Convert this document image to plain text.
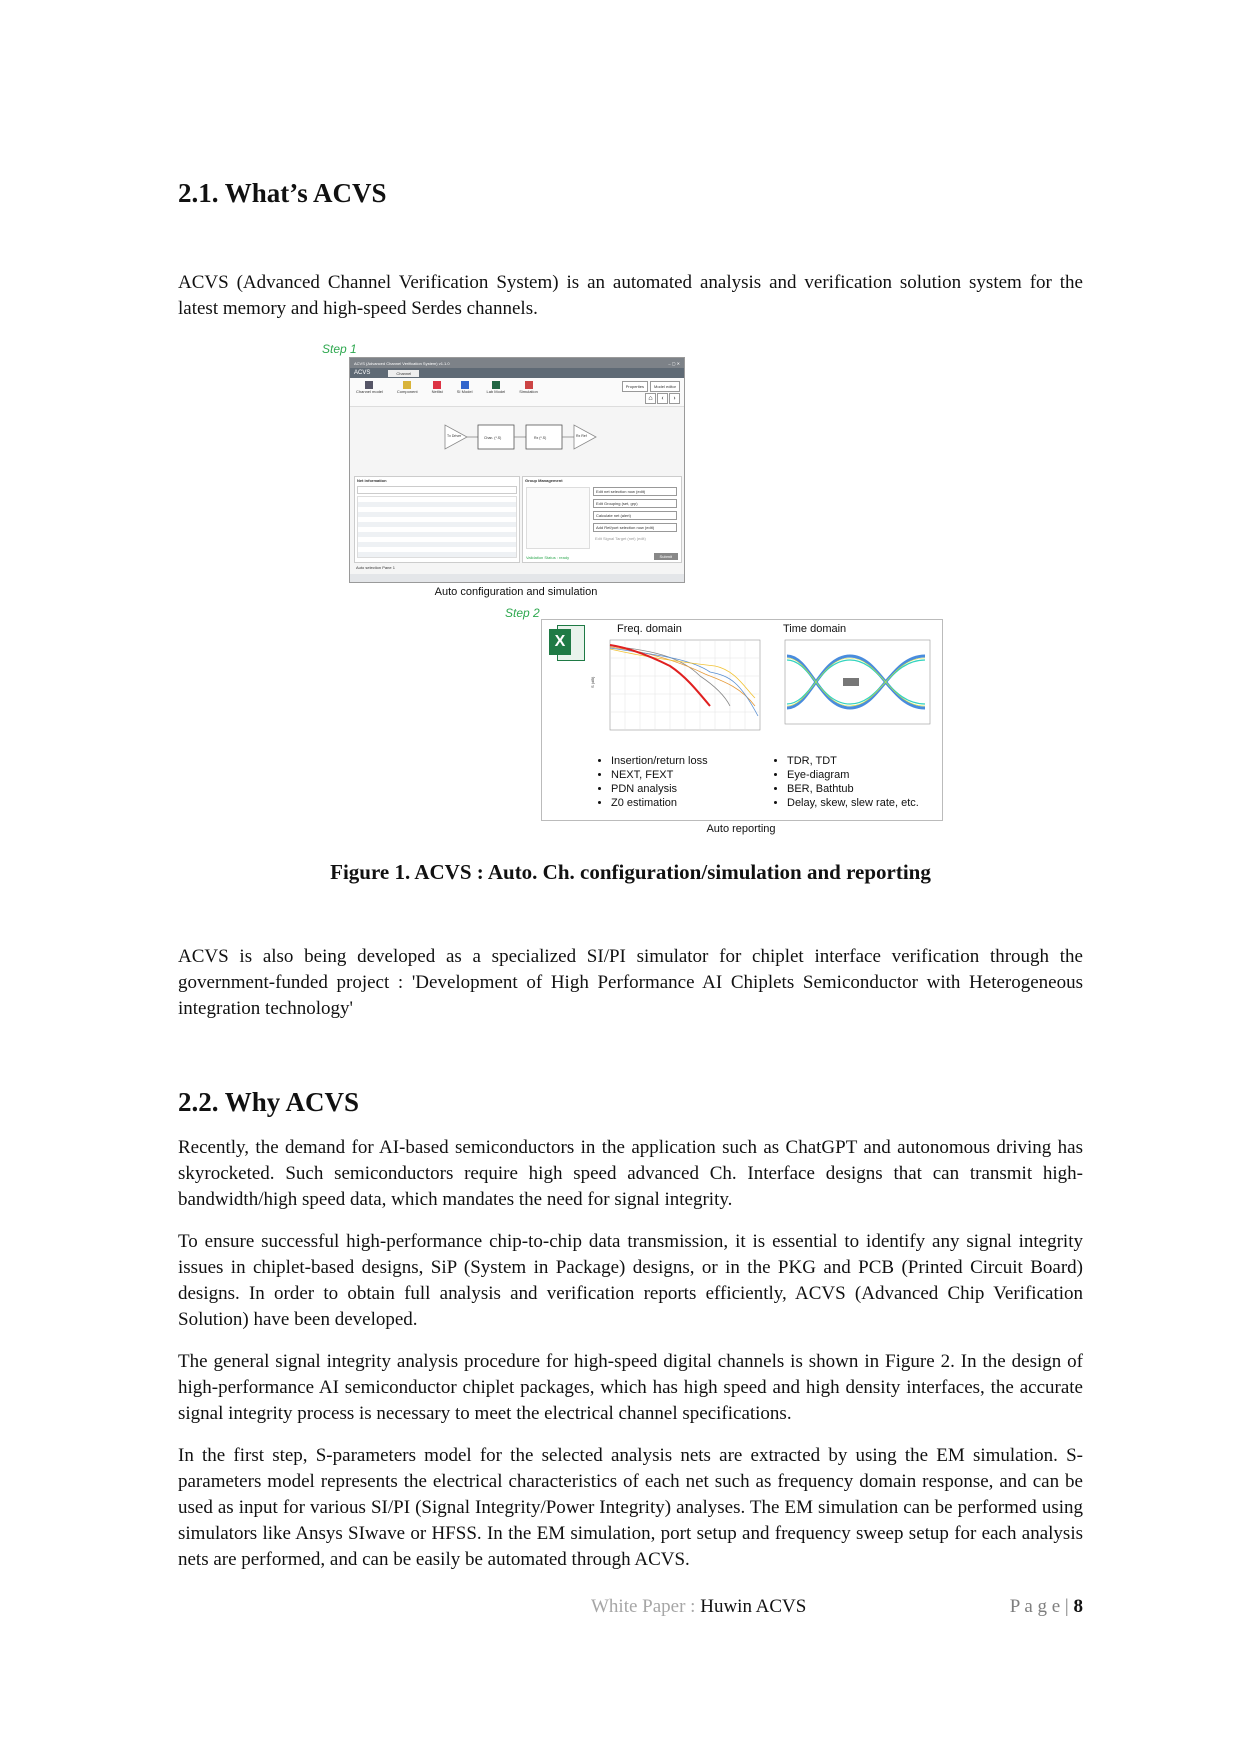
2.1. What’s ACVS

ACVS (Advanced Channel Verification System) is an automated analysis and verification solution system for the latest memory and high-speed Serdes channels.

Step 1
ACVS (Advanced Channel Verification System) v1.1.0	– ▢ ✕
ACVS	Channel
Channel model	Component	Netlist	SI Model	Lab Model	Simulation
Properties	Model editor
⌂	‹	›
Tx Driver	Chan. (*.S)	Rx (*.S)	Rx Ref
Net information	Group Management
Edit net selection now (edit)
Edit Grouping (set, grp)
Calculate net (alert)
Add Ref/port selection now (edit)
Edit Signal Target (net) (edit)
Validation Status : ready	Submit
Auto selection Pane 1
Auto configuration and simulation
Step 2
X
Freq. domain	Time domain
S (dB)
• Insertion/return loss
• NEXT, FEXT
• PDN analysis
• Z0 estimation
• TDR, TDT
• Eye-diagram
• BER, Bathtub
• Delay, skew, slew rate, etc.
Auto reporting
Figure 1. ACVS : Auto. Ch. configuration/simulation and reporting

ACVS is also being developed as a specialized SI/PI simulator for chiplet interface verification through the government-funded project : 'Development of High Performance AI Chiplets Semiconductor with Heterogeneous integration technology'

2.2. Why ACVS

Recently, the demand for AI-based semiconductors in the application such as ChatGPT and autonomous driving has skyrocketed. Such semiconductors require high speed advanced Ch. Interface designs that can transmit high-bandwidth/high speed data, which mandates the need for signal integrity.

To ensure successful high-performance chip-to-chip data transmission, it is essential to identify any signal integrity issues in chiplet-based designs, SiP (System in Package) designs, or in the PKG and PCB (Printed Circuit Board) designs. In order to obtain full analysis and verification reports efficiently, ACVS (Advanced Chip Verification Solution) have been developed.

The general signal integrity analysis procedure for high-speed digital channels is shown in Figure 2. In the design of high-performance AI semiconductor chiplet packages, which has high speed and high density interfaces, the accurate signal integrity process is necessary to meet the electrical channel specifications.

In the first step, S-parameters model for the selected analysis nets are extracted by using the EM simulation. S-parameters model represents the electrical characteristics of each net such as frequency domain response, and can be used as input for various SI/PI (Signal Integrity/Power Integrity) analyses. The EM simulation can be performed using simulators like Ansys SIwave or HFSS. In the EM simulation, port setup and frequency sweep setup for each analysis nets are performed, and can be easily be automated through ACVS.

White Paper : Huwin ACVS	P a g e | 8
